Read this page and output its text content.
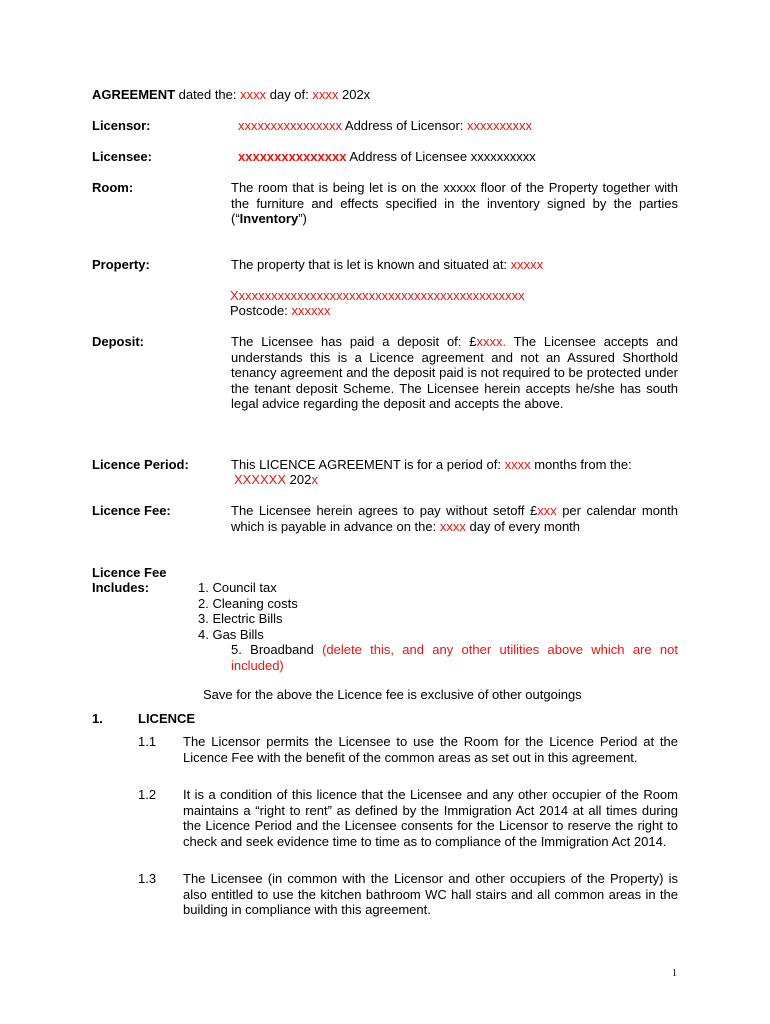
AGREEMENT dated the: xxxx day of: xxxx 202x
Licensor:	xxxxxxxxxxxxxxxx Address of Licensor: xxxxxxxxxx
Licensee:	xxxxxxxxxxxxxxx Address of Licensee xxxxxxxxxx
Room:	The room that is being let is on the xxxxx floor of the Property together with the furniture and effects specified in the inventory signed by the parties (“Inventory”)
Property:	The property that is let is known and situated at: xxxxx
Xxxxxxxxxxxxxxxxxxxxxxxxxxxxxxxxxxxxxxxxxxxxx
Postcode: xxxxxx
Deposit:	The Licensee has paid a deposit of: £xxxx. The Licensee accepts and understands this is a Licence agreement and not an Assured Shorthold tenancy agreement and the deposit paid is not required to be protected under the tenant deposit Scheme. The Licensee herein accepts he/she has south legal advice regarding the deposit and accepts the above.
Licence Period:	This LICENCE AGREEMENT is for a period of: xxxx months from the:
XXXXXX 202x
Licence Fee:	The Licensee herein agrees to pay without setoff £xxx per calendar month which is payable in advance on the: xxxx day of every month
Licence Fee
Includes:	1. Council tax
2. Cleaning costs
3. Electric Bills
4. Gas Bills
5. Broadband (delete this, and any other utilities above which are not included)
Save for the above the Licence fee is exclusive of other outgoings
1.	LICENCE
1.1 The Licensor permits the Licensee to use the Room for the Licence Period at the Licence Fee with the benefit of the common areas as set out in this agreement.
1.2 It is a condition of this licence that the Licensee and any other occupier of the Room maintains a “right to rent” as defined by the Immigration Act 2014 at all times during the Licence Period and the Licensee consents for the Licensor to reserve the right to check and seek evidence time to time as to compliance of the Immigration Act 2014.
1.3 The Licensee (in common with the Licensor and other occupiers of the Property) is also entitled to use the kitchen bathroom WC hall stairs and all common areas in the building in compliance with this agreement.
1
